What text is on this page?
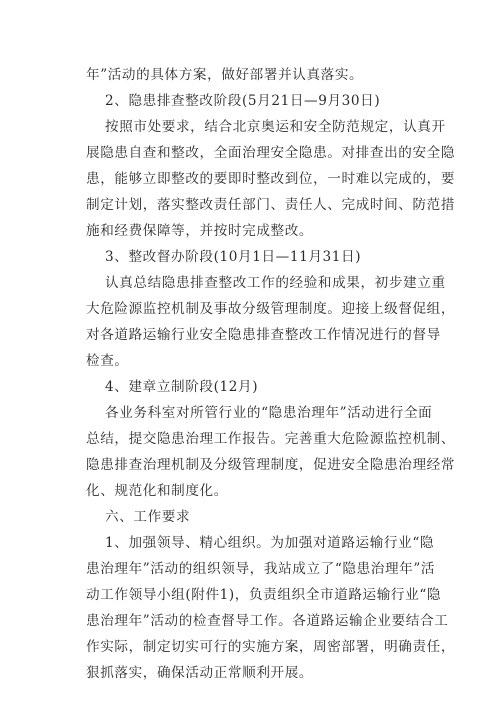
年”活动的具体方案，做好部署并认真落实。
2、隐患排查整改阶段(5月21日—9月30日)
按照市处要求，结合北京奥运和安全防范规定，认真开
展隐患自查和整改，全面治理安全隐患。对排查出的安全隐
患，能够立即整改的要即时整改到位，一时难以完成的，要
制定计划，落实整改责任部门、责任人、完成时间、防范措
施和经费保障等，并按时完成整改。
3、整改督办阶段(10月1日—11月31日)
认真总结隐患排查整改工作的经验和成果，初步建立重
大危险源监控机制及事故分级管理制度。迎接上级督促组，
对各道路运输行业安全隐患排查整改工作情况进行的督导
检查。
4、建章立制阶段(12月)
各业务科室对所管行业的“隐患治理年”活动进行全面
总结，提交隐患治理工作报告。完善重大危险源监控机制、
隐患排查治理机制及分级管理制度，促进安全隐患治理经常
化、规范化和制度化。
六、工作要求
1、加强领导、精心组织。为加强对道路运输行业“隐
患治理年”活动的组织领导，我站成立了“隐患治理年”活
动工作领导小组(附件1)，负责组织全市道路运输行业“隐
患治理年”活动的检查督导工作。各道路运输企业要结合工
作实际，制定切实可行的实施方案，周密部署，明确责任，
狠抓落实，确保活动正常顺利开展。
